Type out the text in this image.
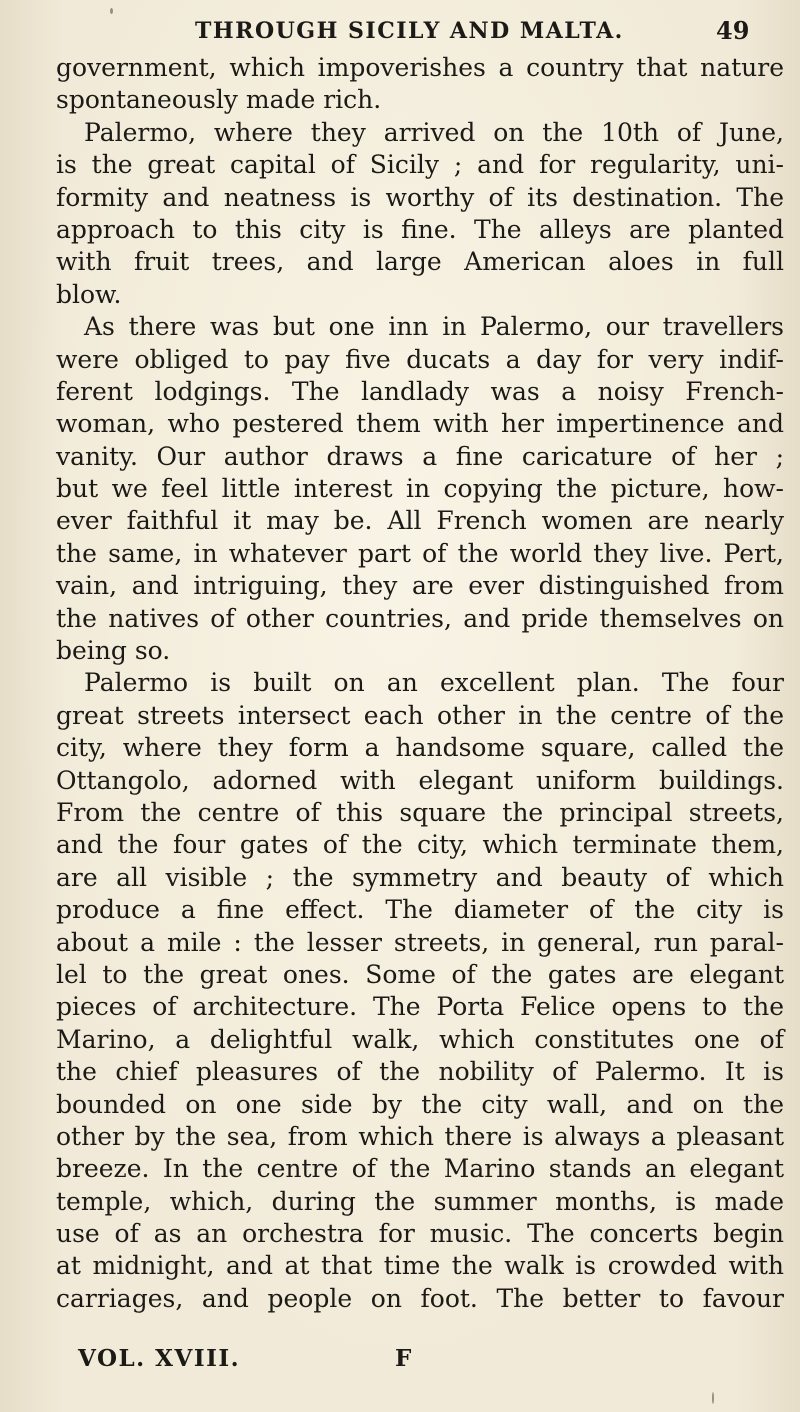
THROUGH SICILY AND MALTA.	49
government, which impoverishes a country that nature
spontaneously made rich.
Palermo, where they arrived on the 10th of June,
is the great capital of Sicily ; and for regularity, uni-
formity and neatness is worthy of its destination. The
approach to this city is fine. The alleys are planted
with fruit trees, and large American aloes in full
blow.
As there was but one inn in Palermo, our travellers
were obliged to pay five ducats a day for very indif-
ferent lodgings. The landlady was a noisy French-
woman, who pestered them with her impertinence and
vanity. Our author draws a fine caricature of her ;
but we feel little interest in copying the picture, how-
ever faithful it may be. All French women are nearly
the same, in whatever part of the world they live. Pert,
vain, and intriguing, they are ever distinguished from
the natives of other countries, and pride themselves on
being so.
Palermo is built on an excellent plan. The four
great streets intersect each other in the centre of the
city, where they form a handsome square, called the
Ottangolo, adorned with elegant uniform buildings.
From the centre of this square the principal streets,
and the four gates of the city, which terminate them,
are all visible ; the symmetry and beauty of which
produce a fine effect. The diameter of the city is
about a mile : the lesser streets, in general, run paral-
lel to the great ones. Some of the gates are elegant
pieces of architecture. The Porta Felice opens to the
Marino, a delightful walk, which constitutes one of
the chief pleasures of the nobility of Palermo. It is
bounded on one side by the city wall, and on the
other by the sea, from which there is always a pleasant
breeze. In the centre of the Marino stands an elegant
temple, which, during the summer months, is made
use of as an orchestra for music. The concerts begin
at midnight, and at that time the walk is crowded with
carriages, and people on foot. The better to favour
VOL. XVIII.	F
